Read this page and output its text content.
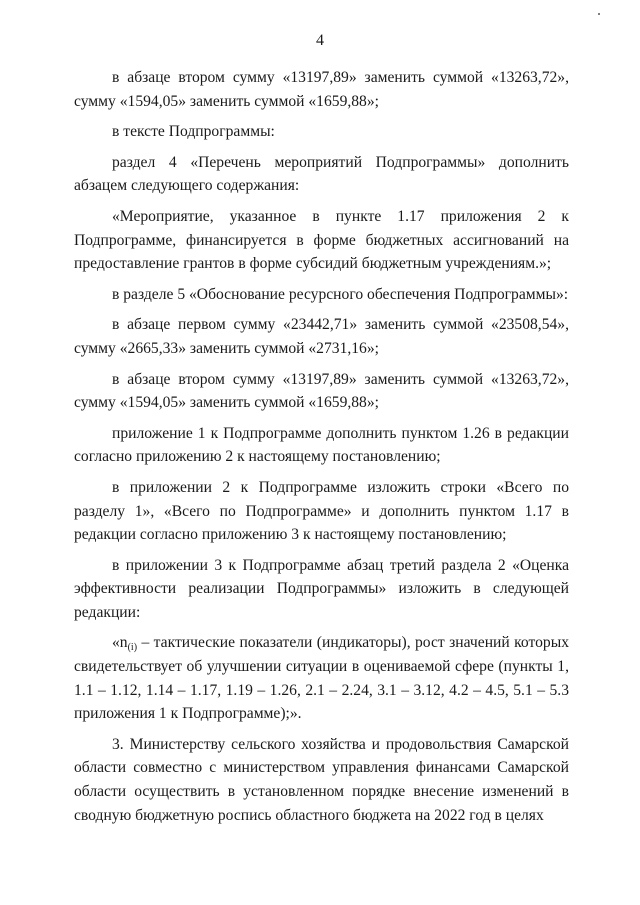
4

в абзаце втором сумму «13197,89» заменить суммой «13263,72», сумму «1594,05» заменить суммой «1659,88»;

в тексте Подпрограммы:

раздел 4 «Перечень мероприятий Подпрограммы» дополнить абзацем следующего содержания:

«Мероприятие, указанное в пункте 1.17 приложения 2 к Подпрограмме, финансируется в форме бюджетных ассигнований на предоставление грантов в форме субсидий бюджетным учреждениям.»;

в разделе 5 «Обоснование ресурсного обеспечения Подпрограммы»:

в абзаце первом сумму «23442,71» заменить суммой «23508,54», сумму «2665,33» заменить суммой «2731,16»;

в абзаце втором сумму «13197,89» заменить суммой «13263,72», сумму «1594,05» заменить суммой «1659,88»;

приложение 1 к Подпрограмме дополнить пунктом 1.26 в редакции согласно приложению 2 к настоящему постановлению;

в приложении 2 к Подпрограмме изложить строки «Всего по разделу 1», «Всего по Подпрограмме» и дополнить пунктом 1.17 в редакции согласно приложению 3 к настоящему постановлению;

в приложении 3 к Подпрограмме абзац третий раздела 2 «Оценка эффективности реализации Подпрограммы» изложить в следующей редакции:

«$n_{(i)}$ – тактические показатели (индикаторы), рост значений которых свидетельствует об улучшении ситуации в оцениваемой сфере (пункты 1, 1.1 – 1.12, 1.14 – 1.17, 1.19 – 1.26, 2.1 – 2.24, 3.1 – 3.12, 4.2 – 4.5, 5.1 – 5.3 приложения 1 к Подпрограмме);».

3. Министерству сельского хозяйства и продовольствия Самарской области совместно с министерством управления финансами Самарской области осуществить в установленном порядке внесение изменений в сводную бюджетную роспись областного бюджета на 2022 год в целях
